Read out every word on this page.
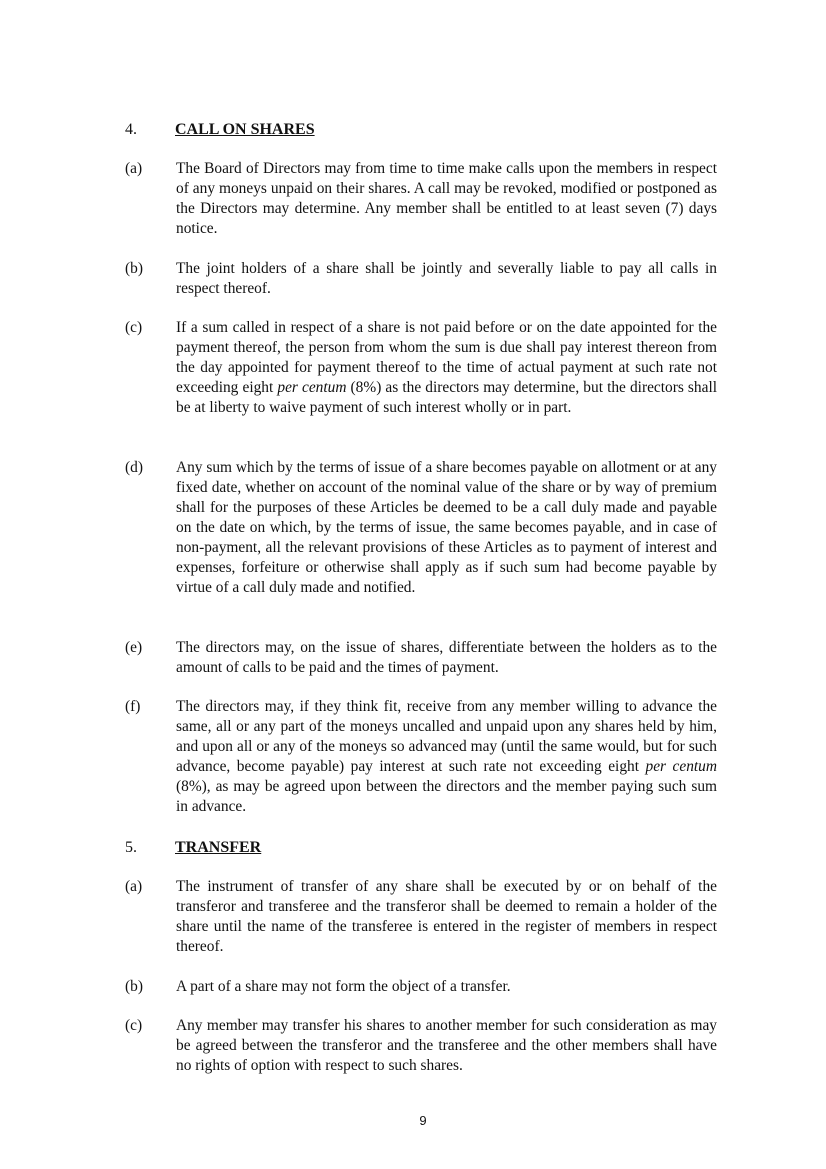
4.	CALL ON SHARES
(a)	The Board of Directors may from time to time make calls upon the members in respect of any moneys unpaid on their shares. A call may be revoked, modified or postponed as the Directors may determine. Any member shall be entitled to at least seven (7) days notice.
(b)	The joint holders of a share shall be jointly and severally liable to pay all calls in respect thereof.
(c)	If a sum called in respect of a share is not paid before or on the date appointed for the payment thereof, the person from whom the sum is due shall pay interest thereon from the day appointed for payment thereof to the time of actual payment at such rate not exceeding eight per centum (8%) as the directors may determine, but the directors shall be at liberty to waive payment of such interest wholly or in part.
(d)	Any sum which by the terms of issue of a share becomes payable on allotment or at any fixed date, whether on account of the nominal value of the share or by way of premium shall for the purposes of these Articles be deemed to be a call duly made and payable on the date on which, by the terms of issue, the same becomes payable, and in case of non-payment, all the relevant provisions of these Articles as to payment of interest and expenses, forfeiture or otherwise shall apply as if such sum had become payable by virtue of a call duly made and notified.
(e)	The directors may, on the issue of shares, differentiate between the holders as to the amount of calls to be paid and the times of payment.
(f)	The directors may, if they think fit, receive from any member willing to advance the same, all or any part of the moneys uncalled and unpaid upon any shares held by him, and upon all or any of the moneys so advanced may (until the same would, but for such advance, become payable) pay interest at such rate not exceeding eight per centum (8%), as may be agreed upon between the directors and the member paying such sum in advance.
5.	TRANSFER
(a)	The instrument of transfer of any share shall be executed by or on behalf of the transferor and transferee and the transferor shall be deemed to remain a holder of the share until the name of the transferee is entered in the register of members in respect thereof.
(b)	A part of a share may not form the object of a transfer.
(c)	Any member may transfer his shares to another member for such consideration as may be agreed between the transferor and the transferee and the other members shall have no rights of option with respect to such shares.
9
